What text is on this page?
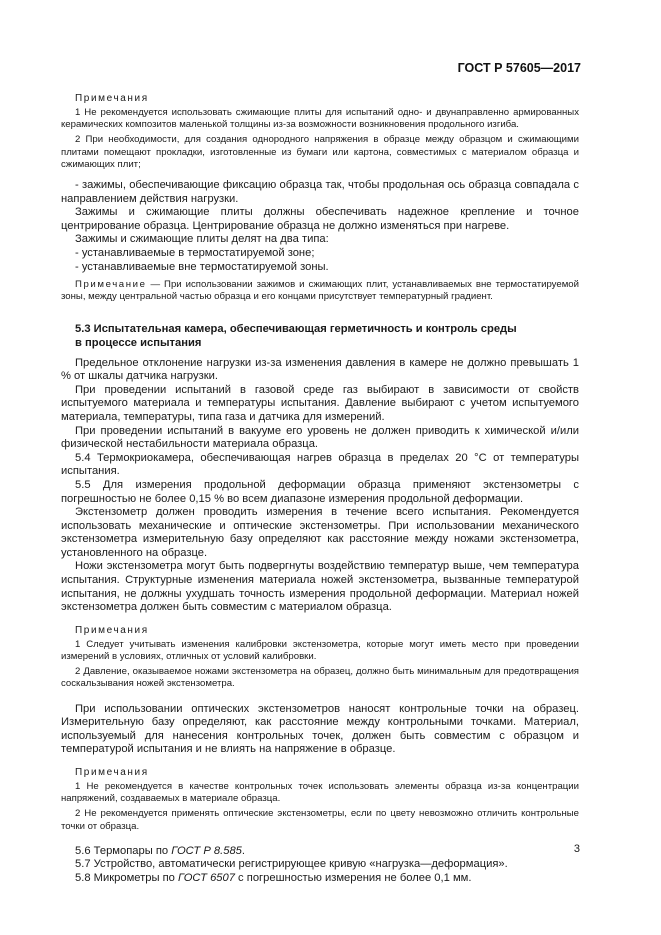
ГОСТ Р 57605—2017
Примечания

1 Не рекомендуется использовать сжимающие плиты для испытаний одно- и двунаправленно армированных керамических композитов маленькой толщины из-за возможности возникновения продольного изгиба.

2 При необходимости, для создания однородного напряжения в образце между образцом и сжимающими плитами помещают прокладки, изготовленные из бумаги или картона, совместимых с материалом образца и сжимающих плит;

- зажимы, обеспечивающие фиксацию образца так, чтобы продольная ось образца совпадала с направлением действия нагрузки.

Зажимы и сжимающие плиты должны обеспечивать надежное крепление и точное центрирование образца. Центрирование образца не должно изменяться при нагреве.

Зажимы и сжимающие плиты делят на два типа:

- устанавливаемые в термостатируемой зоне;

- устанавливаемые вне термостатируемой зоны.

Примечание — При использовании зажимов и сжимающих плит, устанавливаемых вне термостатируемой зоны, между центральной частью образца и его концами присутствует температурный градиент.

5.3 Испытательная камера, обеспечивающая герметичность и контроль среды
в процессе испытания

Предельное отклонение нагрузки из-за изменения давления в камере не должно превышать 1 % от шкалы датчика нагрузки.

При проведении испытаний в газовой среде газ выбирают в зависимости от свойств испытуемого материала и температуры испытания. Давление выбирают с учетом испытуемого материала, температуры, типа газа и датчика для измерений.

При проведении испытаний в вакууме его уровень не должен приводить к химической и/или физической нестабильности материала образца.

5.4 Термокриокамера, обеспечивающая нагрев образца в пределах 20 °С от температуры испытания.

5.5 Для измерения продольной деформации образца применяют экстензометры с погрешностью не более 0,15 % во всем диапазоне измерения продольной деформации.

Экстензометр должен проводить измерения в течение всего испытания. Рекомендуется использовать механические и оптические экстензометры. При использовании механического экстензометра измерительную базу определяют как расстояние между ножами экстензометра, установленного на образце.

Ножи экстензометра могут быть подвергнуты воздействию температур выше, чем температура испытания. Структурные изменения материала ножей экстензометра, вызванные температурой испытания, не должны ухудшать точность измерения продольной деформации. Материал ножей экстензометра должен быть совместим с материалом образца.

Примечания

1 Следует учитывать изменения калибровки экстензометра, которые могут иметь место при проведении измерений в условиях, отличных от условий калибровки.

2 Давление, оказываемое ножами экстензометра на образец, должно быть минимальным для предотвращения соскальзывания ножей экстензометра.

При использовании оптических экстензометров наносят контрольные точки на образец. Измерительную базу определяют, как расстояние между контрольными точками. Материал, используемый для нанесения контрольных точек, должен быть совместим с образцом и температурой испытания и не влиять на напряжение в образце.

Примечания

1 Не рекомендуется в качестве контрольных точек использовать элементы образца из-за концентрации напряжений, создаваемых в материале образца.

2 Не рекомендуется применять оптические экстензометры, если по цвету невозможно отличить контрольные точки от образца.

5.6 Термопары по ГОСТ Р 8.585.

5.7 Устройство, автоматически регистрирующее кривую «нагрузка—деформация».

5.8 Микрометры по ГОСТ 6507 с погрешностью измерения не более 0,1 мм.

3
